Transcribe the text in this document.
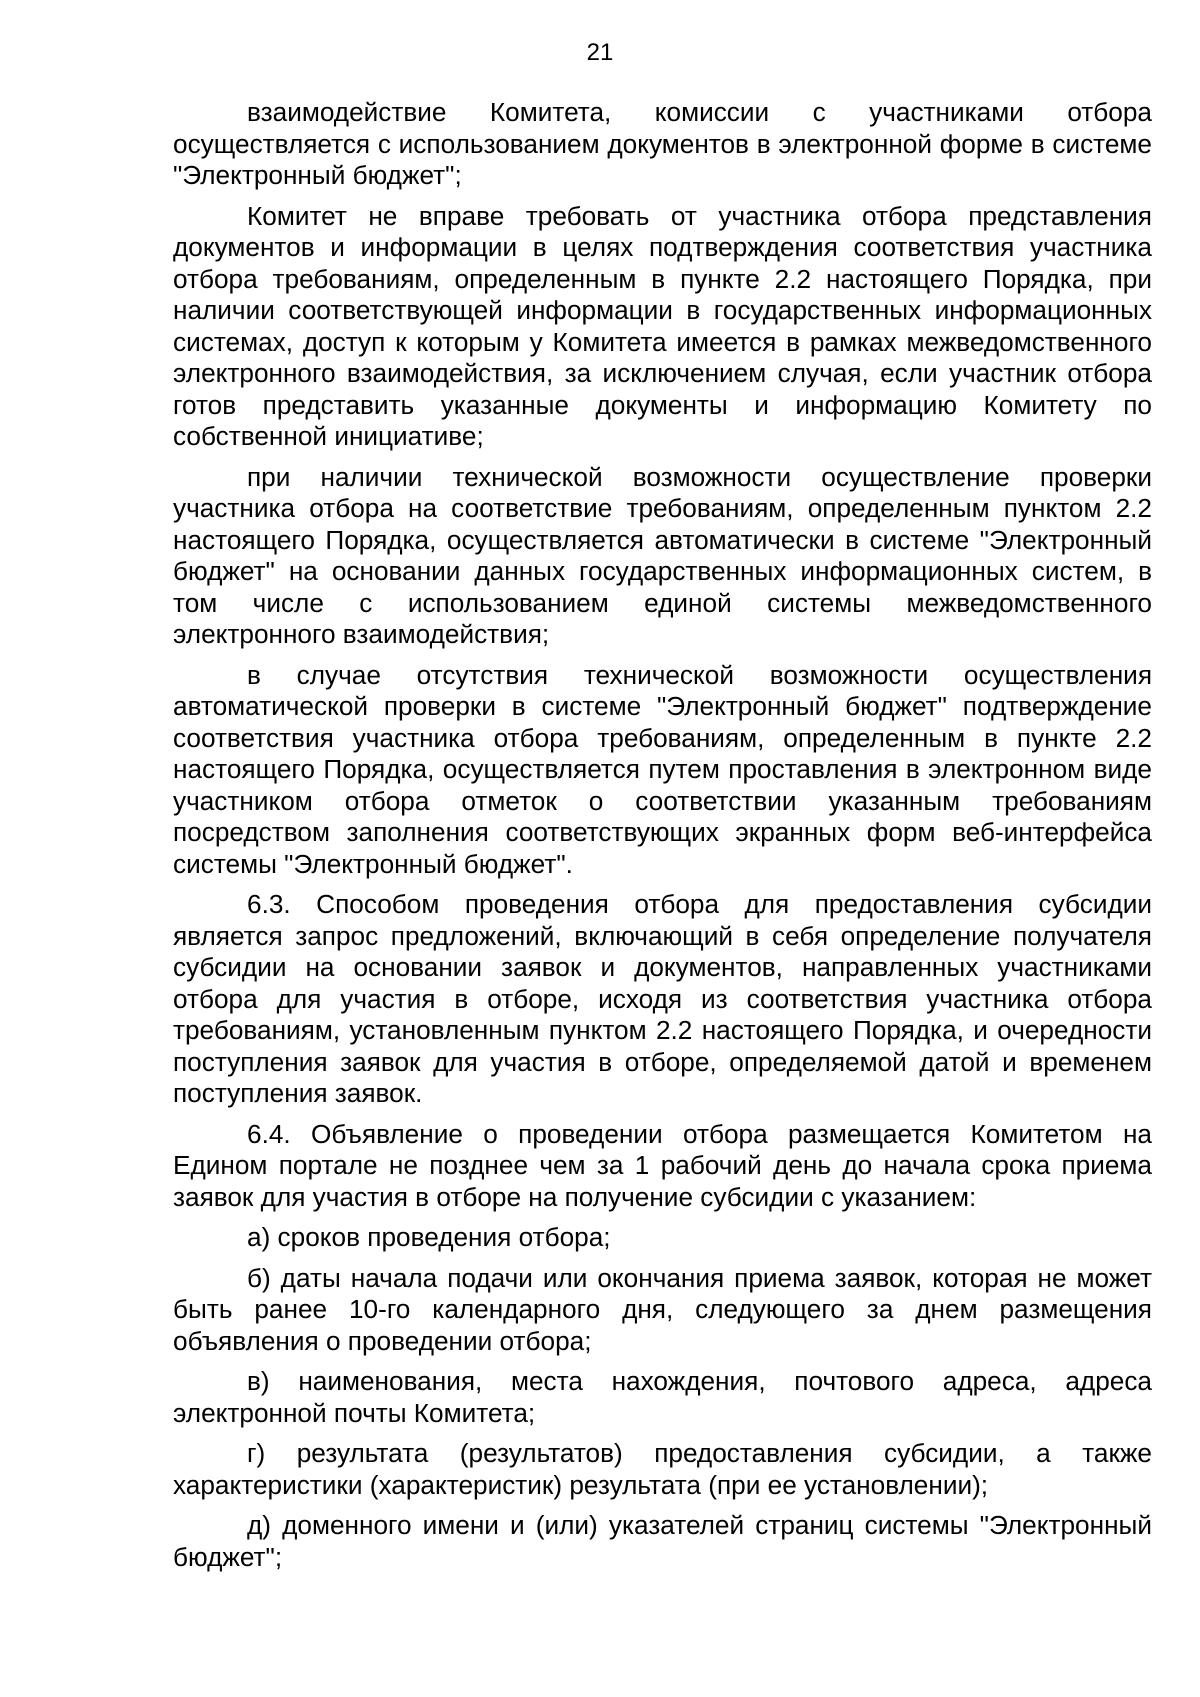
21

взаимодействие Комитета, комиссии с участниками отбора осуществляется с использованием документов в электронной форме в системе "Электронный бюджет";

Комитет не вправе требовать от участника отбора представления документов и информации в целях подтверждения соответствия участника отбора требованиям, определенным в пункте 2.2 настоящего Порядка, при наличии соответствующей информации в государственных информационных системах, доступ к которым у Комитета имеется в рамках межведомственного электронного взаимодействия, за исключением случая, если участник отбора готов представить указанные документы и информацию Комитету по собственной инициативе;

при наличии технической возможности осуществление проверки участника отбора на соответствие требованиям, определенным пунктом 2.2 настоящего Порядка, осуществляется автоматически в системе "Электронный бюджет" на основании данных государственных информационных систем, в том числе с использованием единой системы межведомственного электронного взаимодействия;

в случае отсутствия технической возможности осуществления автоматической проверки в системе "Электронный бюджет" подтверждение соответствия участника отбора требованиям, определенным в пункте 2.2 настоящего Порядка, осуществляется путем проставления в электронном виде участником отбора отметок о соответствии указанным требованиям посредством заполнения соответствующих экранных форм веб-интерфейса системы "Электронный бюджет".

6.3. Способом проведения отбора для предоставления субсидии является запрос предложений, включающий в себя определение получателя субсидии на основании заявок и документов, направленных участниками отбора для участия в отборе, исходя из соответствия участника отбора требованиям, установленным пунктом 2.2 настоящего Порядка, и очередности поступления заявок для участия в отборе, определяемой датой и временем поступления заявок.

6.4. Объявление о проведении отбора размещается Комитетом на Едином портале не позднее чем за 1 рабочий день до начала срока приема заявок для участия в отборе на получение субсидии с указанием:

а) сроков проведения отбора;

б) даты начала подачи или окончания приема заявок, которая не может быть ранее 10-го календарного дня, следующего за днем размещения объявления о проведении отбора;

в) наименования, места нахождения, почтового адреса, адреса электронной почты Комитета;

г) результата (результатов) предоставления субсидии, а также характеристики (характеристик) результата (при ее установлении);

д) доменного имени и (или) указателей страниц системы "Электронный бюджет";
